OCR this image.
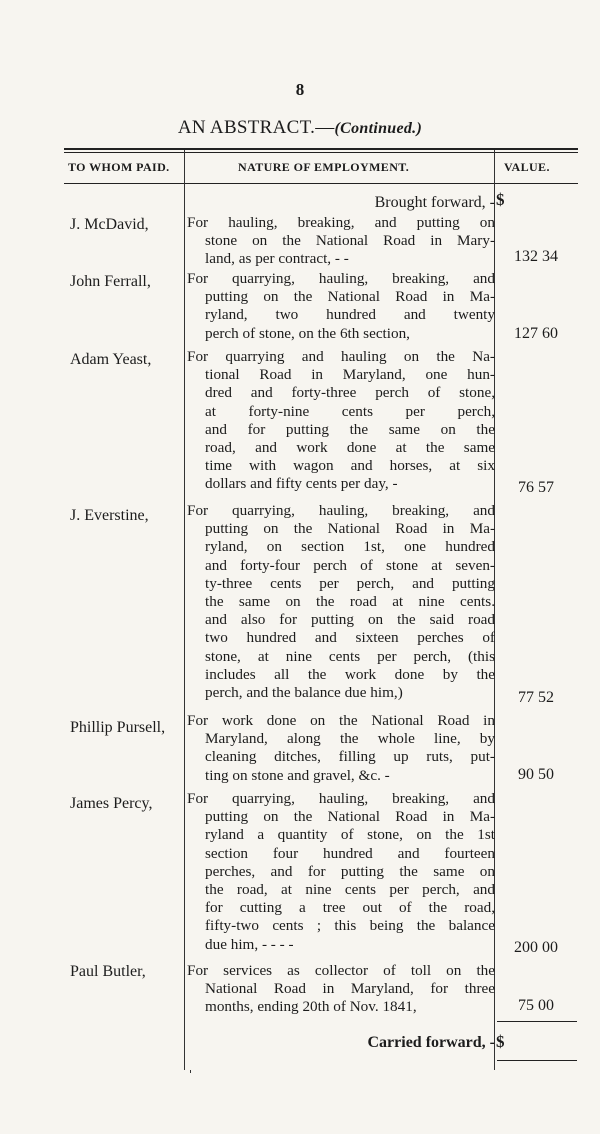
8
AN ABSTRACT.—(Continued.)
TO WHOM PAID.	NATURE OF EMPLOYMENT.	VALUE.
Brought forward, - $
J. McDavid,	For hauling, breaking, and putting on
stone on the National Road in Mary-
land, as per contract, - -	132 34
John Ferrall, For quarrying, hauling, breaking, and
putting on the National Road in Ma-
ryland, two hundred and twenty
perch of stone, on the 6th section,	127 60
Adam Yeast, For quarrying and hauling on the Na-
tional Road in Maryland, one hun-
dred and forty-three perch of stone,
at forty-nine cents per perch,
and for putting the same on the
road, and work done at the same
time with wagon and horses, at six
dollars and fifty cents per day, -	76 57
J. Everstine,	For quarrying, hauling, breaking, and
putting on the National Road in Ma-
ryland, on section 1st, one hundred
and forty-four perch of stone at seven-
ty-three cents per perch, and putting
the same on the road at nine cents.
and also for putting on the said road
two hundred and sixteen perches of
stone, at nine cents per perch, (this
includes all the work done by the
perch, and the balance due him,)	77 52
Phillip Pursell, For work done on the National Road in
Maryland, along the whole line, by
cleaning ditches, filling up ruts, put-
ting on stone and gravel, &c. -	90 50
James Percy, For quarrying, hauling, breaking, and
putting on the National Road in Ma-
ryland a quantity of stone, on the 1st
section four hundred and fourteen
perches, and for putting the same on
the road, at nine cents per perch, and
for cutting a tree out of the road,
fifty-two cents ; this being the balance
due him, - - - -	200 00
Paul Butler,	For services as collector of toll on the
National Road in Maryland, for three
months, ending 20th of Nov. 1841,	75 00
Carried forward, - $
